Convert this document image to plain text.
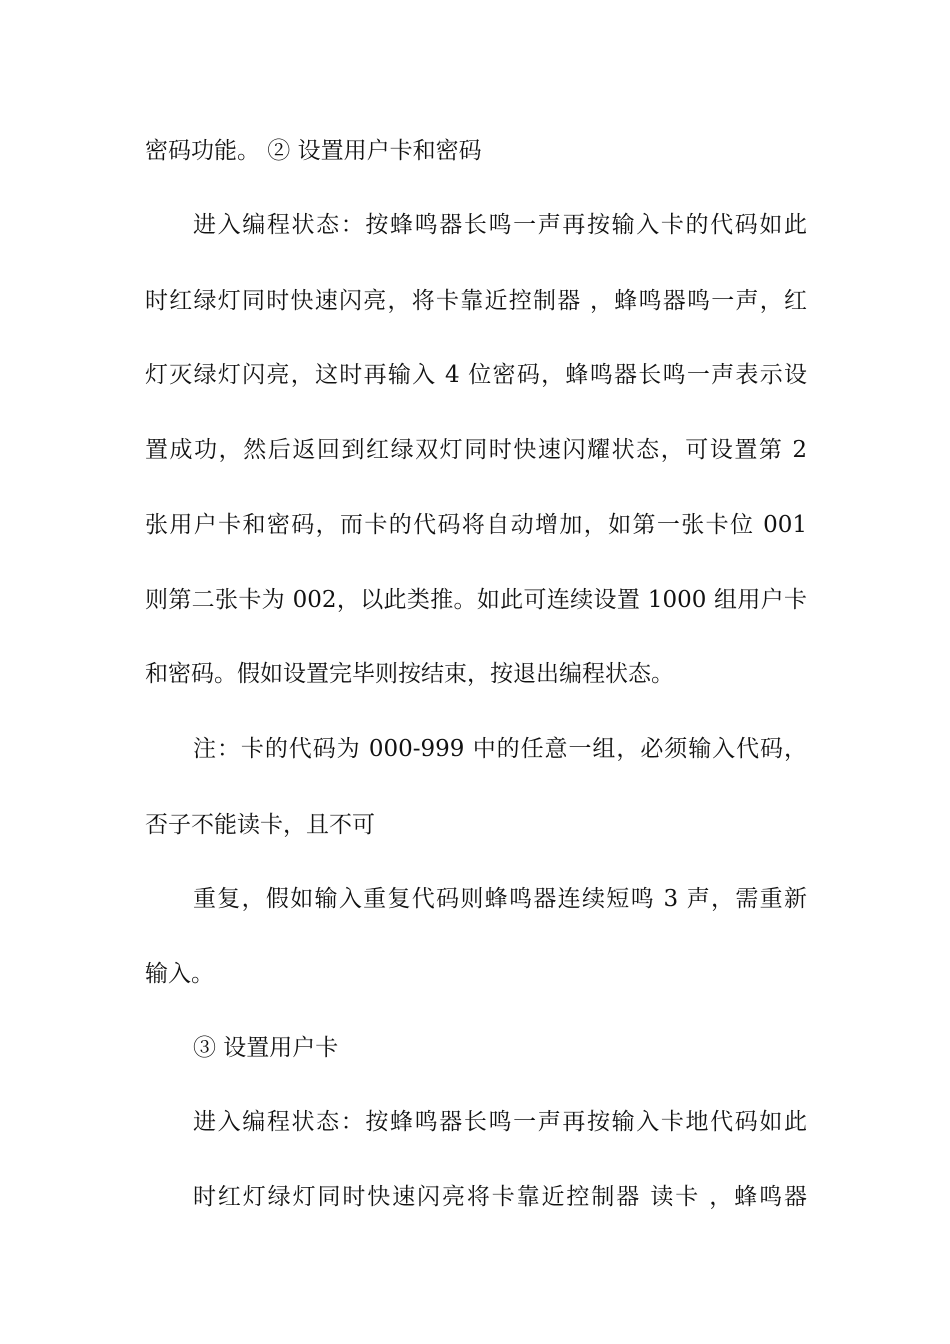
密码功能。 ② 设置用户卡和密码
进入编程状态：按蜂鸣器长鸣一声再按输入卡的代码如此
时红绿灯同时快速闪亮，将卡靠近控制器 ，蜂鸣器鸣一声，红
灯灭绿灯闪亮，这时再输入 4 位密码，蜂鸣器长鸣一声表示设
置成功，然后返回到红绿双灯同时快速闪耀状态，可设置第 2
张用户卡和密码，而卡的代码将自动增加，如第一张卡位 001
则第二张卡为 002，以此类推。如此可连续设置 1000 组用户卡
和密码。假如设置完毕则按结束，按退出编程状态。
注：卡的代码为 000-999 中的任意一组，必须输入代码，
否子不能读卡，且不可
重复，假如输入重复代码则蜂鸣器连续短鸣 3 声，需重新
输入。
③ 设置用户卡
进入编程状态：按蜂鸣器长鸣一声再按输入卡地代码如此
时红灯绿灯同时快速闪亮将卡靠近控制器 读卡 ，蜂鸣器
